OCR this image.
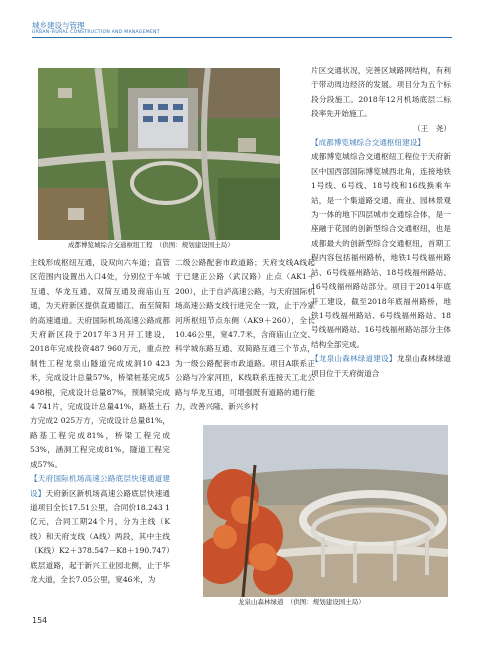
城乡建设与管理
URBAN–RURAL CONSTRUCTION AND MANAGEMENT
成都博览城综合交通枢纽工程　（供图：规划建设国土局）
龙泉山森林绿道　（供图：规划建设国土局）

主线形成枢纽互通，设双向六车道；直管区范围内设置出入口4处，分别位于车城互通、华龙互通、双简互通及商庙山互通，为天府新区提供直通德江、南至简阳的高速通道。天府国际机场高速公路成都天府新区段于2017年3月开工建设，2018年完成投资487 960万元，重点控制性工程龙泉山隧道完成成洞10 423米，完成设计总量57%，桥梁桩基完成5 498根，完成设计总量87%，预制梁完成4 741片，完成设计总量41%，路基土石方完成2 025万方，完成设计总量81%，路基工程完成81%，桥梁工程完成53%，涵洞工程完成81%，隧道工程完成57%。

【天府国际机场高速公路底层快速通道建设】天府新区新机场高速公路底层快速通道项目全长17.51公里，合同价18.243 1亿元，合同工期24个月，分为主线（K线）和天府支线（A线）两段，其中主线（K线）K2＋378.547－K8＋190.747）底层道路，起于新兴工业园北侧，止于华龙大道，全长7.05公里，宽46米，为

二级公路配套市政道路；天府支线A线起于已建正公路（武汉路）止点（AK1＋200），止于自泸高速公路，与天府国际机场高速公路支线行进完全一致，止于冷家河所枢纽节点东侧（AK9＋260），全长10.46公里，宽47.7米，含商庙山立交、科学城东路互通、双简路互通三个节点，为一级公路配套市政道路。项目A联系正公路与冷家河匝，K线联系连接天工北公路与华龙互通，可增强既有道路的通行能力，改善兴隆、新兴乡村

片区交通状况，完善区域路网结构，有利于带动周边经济的发展。项目分为五个标段分段施工。2018年12月机场底层二标段率先开始施工。

（王　尧）

【成都博览城综合交通枢纽建设】

成都博览城综合交通枢纽工程位于天府新区中国西部国际博览城西北角，连接地铁1号线、6号线、18号线和16线换乘车站，是一个集道路交通、商业、园林景观为一体的地下四层城市交通综合体，是一座融于花园的创新型综合交通枢纽，也是成都最大的创新型综合交通枢纽，首期工程内容包括福州路桥，地铁1号线福州路站、6号线福州路站、18号线福州路站、16号线福州路站部分。项目于2014年底开工建设，截至2018年底福州路桥，地铁1号线福州路站、6号线福州路站、18号线福州路站、16号线福州路站部分主体结构全部完成。

【龙泉山森林绿道建设】龙泉山森林绿道项目位于天府街道合

154
